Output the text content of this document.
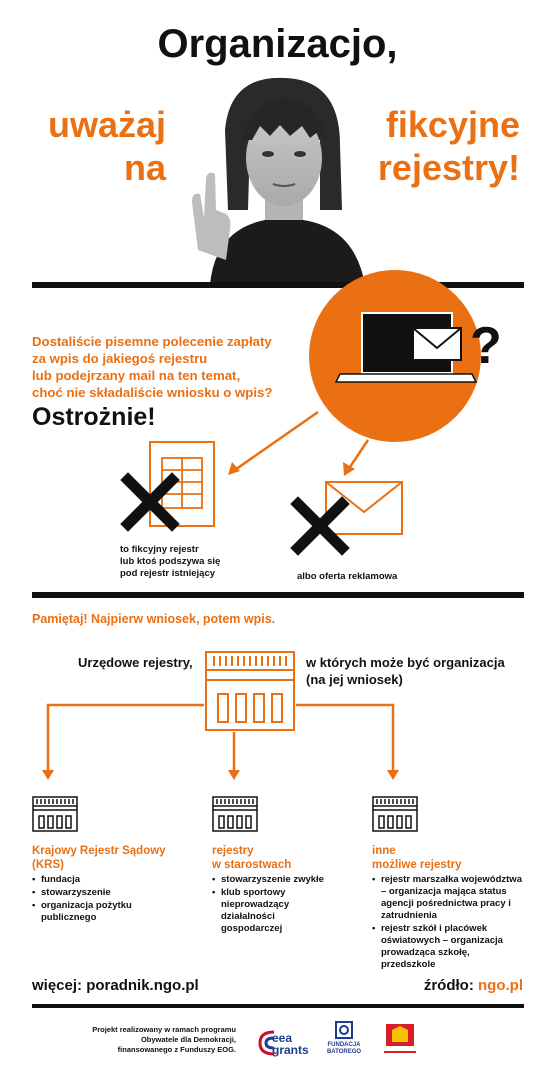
Organizacjo,
uważaj
na
fikcyjne
rejestry!
?
Dostaliście pisemne polecenie zapłaty
za wpis do jakiegoś rejestru
lub podejrzany mail na ten temat,
choć nie składaliście wniosku o wpis?
Ostrożnie!
to fikcyjny rejestr
lub ktoś podszywa się
pod rejestr istniejący	albo oferta reklamowa
Pamiętaj! Najpierw wniosek, potem wpis.
Urzędowe rejestry,	w których może być organizacja
(na jej wniosek)
Krajowy Rejestr Sądowy
(KRS)
• fundacja
• stowarzyszenie
• organizacja pożytku publicznego
rejestry
w starostwach
• stowarzyszenie zwykłe
• klub sportowy nieprowadzący działalności gospodarczej
inne
możliwe rejestry
• rejestr marszałka województwa – organizacja mająca status agencji pośrednictwa pracy i zatrudnienia
• rejestr szkół i placówek oświatowych – organizacja prowadząca szkołę, przedszkole
więcej: poradnik.ngo.pl	źródło: ngo.pl
Projekt realizowany w ramach programu
Obywatele dla Demokracji,
finansowanego z Funduszy EOG.
eea
grants	FUNDACJA
BATOREGO
